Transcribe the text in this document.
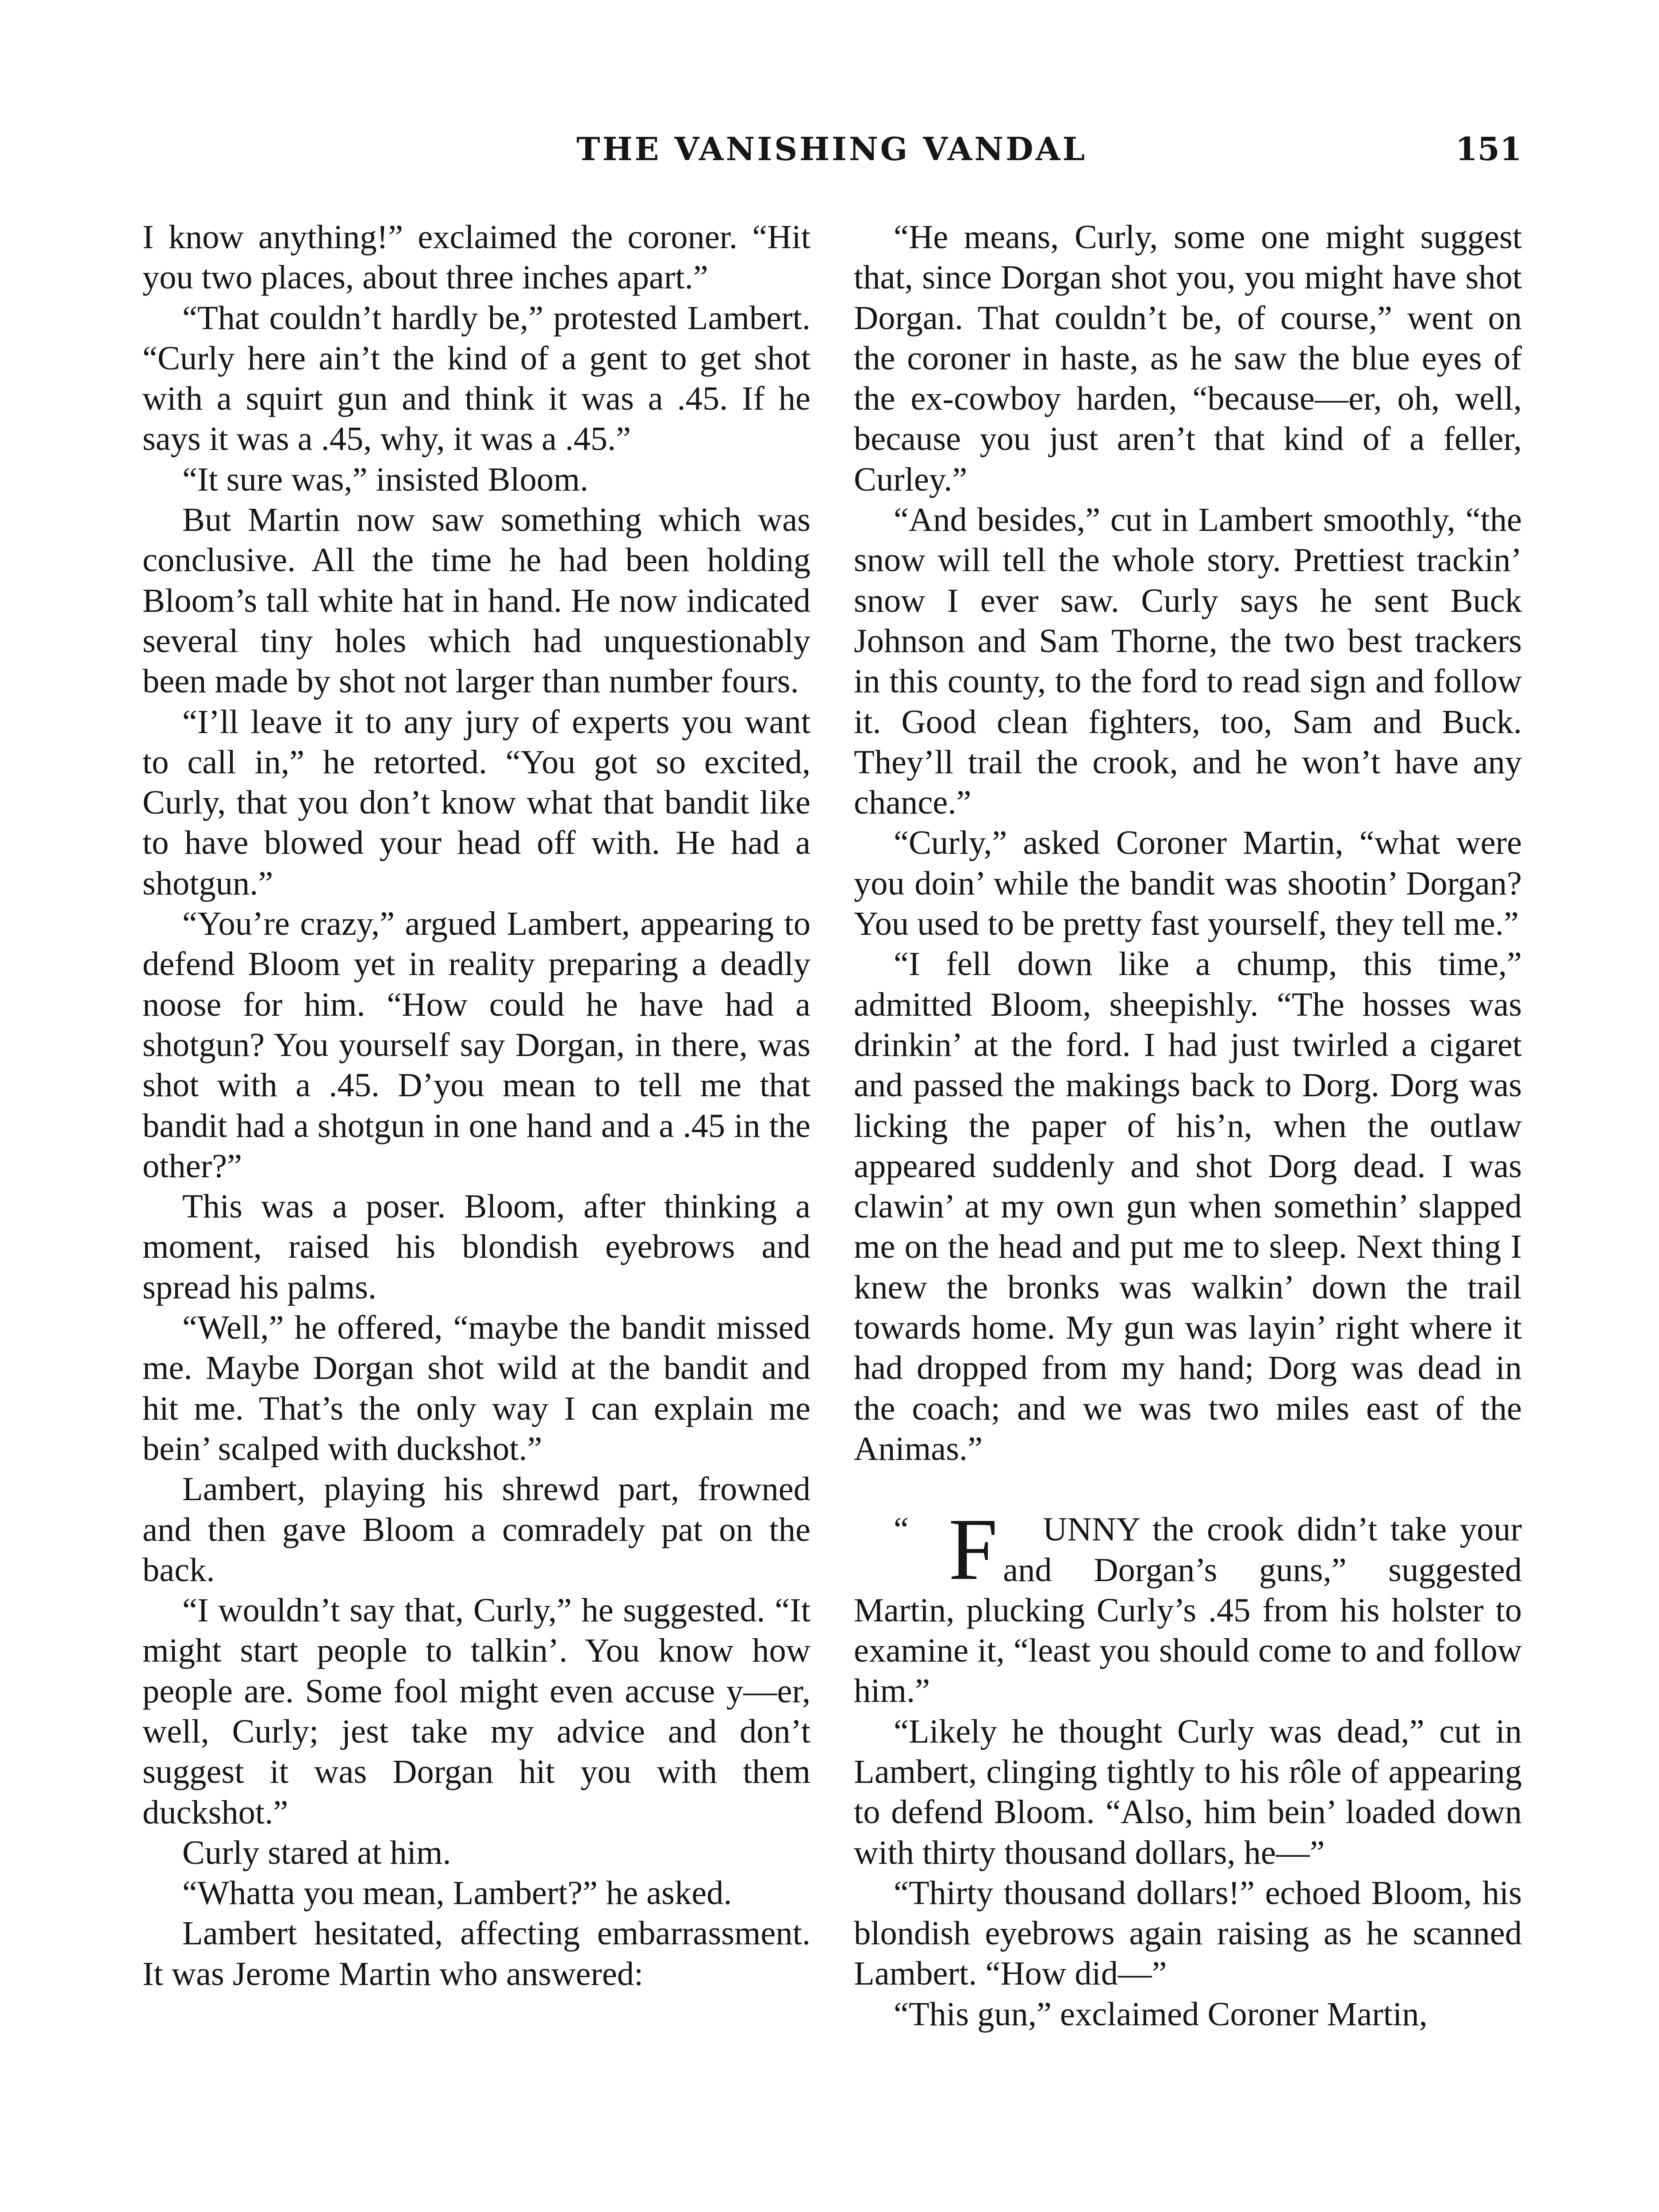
THE VANISHING VANDAL	151

I know anything!” exclaimed the coroner. “Hit you two places, about three inches apart.”

“That couldn’t hardly be,” protested Lambert. “Curly here ain’t the kind of a gent to get shot with a squirt gun and think it was a .45. If he says it was a .45, why, it was a .45.”

“It sure was,” insisted Bloom.

But Martin now saw something which was conclusive. All the time he had been holding Bloom’s tall white hat in hand. He now indicated several tiny holes which had unquestionably been made by shot not larger than number fours.

“I’ll leave it to any jury of experts you want to call in,” he retorted. “You got so excited, Curly, that you don’t know what that bandit like to have blowed your head off with. He had a shotgun.”

“You’re crazy,” argued Lambert, appearing to defend Bloom yet in reality preparing a deadly noose for him. “How could he have had a shotgun? You yourself say Dorgan, in there, was shot with a .45. D’you mean to tell me that bandit had a shotgun in one hand and a .45 in the other?”

This was a poser. Bloom, after thinking a moment, raised his blondish eyebrows and spread his palms.

“Well,” he offered, “maybe the bandit missed me. Maybe Dorgan shot wild at the bandit and hit me. That’s the only way I can explain me bein’ scalped with duckshot.”

Lambert, playing his shrewd part, frowned and then gave Bloom a comradely pat on the back.

“I wouldn’t say that, Curly,” he suggested. “It might start people to talkin’. You know how people are. Some fool might even accuse y—er, well, Curly; jest take my advice and don’t suggest it was Dorgan hit you with them duckshot.”

Curly stared at him.

“Whatta you mean, Lambert?” he asked.

Lambert hesitated, affecting embarrassment. It was Jerome Martin who answered:

“He means, Curly, some one might suggest that, since Dorgan shot you, you might have shot Dorgan. That couldn’t be, of course,” went on the coroner in haste, as he saw the blue eyes of the ex-cowboy harden, “because—er, oh, well, because you just aren’t that kind of a feller, Curley.”

“And besides,” cut in Lambert smoothly, “the snow will tell the whole story. Prettiest trackin’ snow I ever saw. Curly says he sent Buck Johnson and Sam Thorne, the two best trackers in this county, to the ford to read sign and follow it. Good clean fighters, too, Sam and Buck. They’ll trail the crook, and he won’t have any chance.”

“Curly,” asked Coroner Martin, “what were you doin’ while the bandit was shootin’ Dorgan? You used to be pretty fast yourself, they tell me.”

“I fell down like a chump, this time,” admitted Bloom, sheepishly. “The hosses was drinkin’ at the ford. I had just twirled a cigaret and passed the makings back to Dorg. Dorg was licking the paper of his’n, when the outlaw appeared suddenly and shot Dorg dead. I was clawin’ at my own gun when somethin’ slapped me on the head and put me to sleep. Next thing I knew the bronks was walkin’ down the trail towards home. My gun was layin’ right where it had dropped from my hand; Dorg was dead in the coach; and we was two miles east of the Animas.”

“ F UNNY the crook didn’t take your and Dorgan’s guns,” suggested Martin, plucking Curly’s .45 from his holster to examine it, “least you should come to and follow him.”

“Likely he thought Curly was dead,” cut in Lambert, clinging tightly to his rôle of appearing to defend Bloom. “Also, him bein’ loaded down with thirty thousand dollars, he—”

“Thirty thousand dollars!” echoed Bloom, his blondish eyebrows again raising as he scanned Lambert. “How did—”

“This gun,” exclaimed Coroner Martin,
